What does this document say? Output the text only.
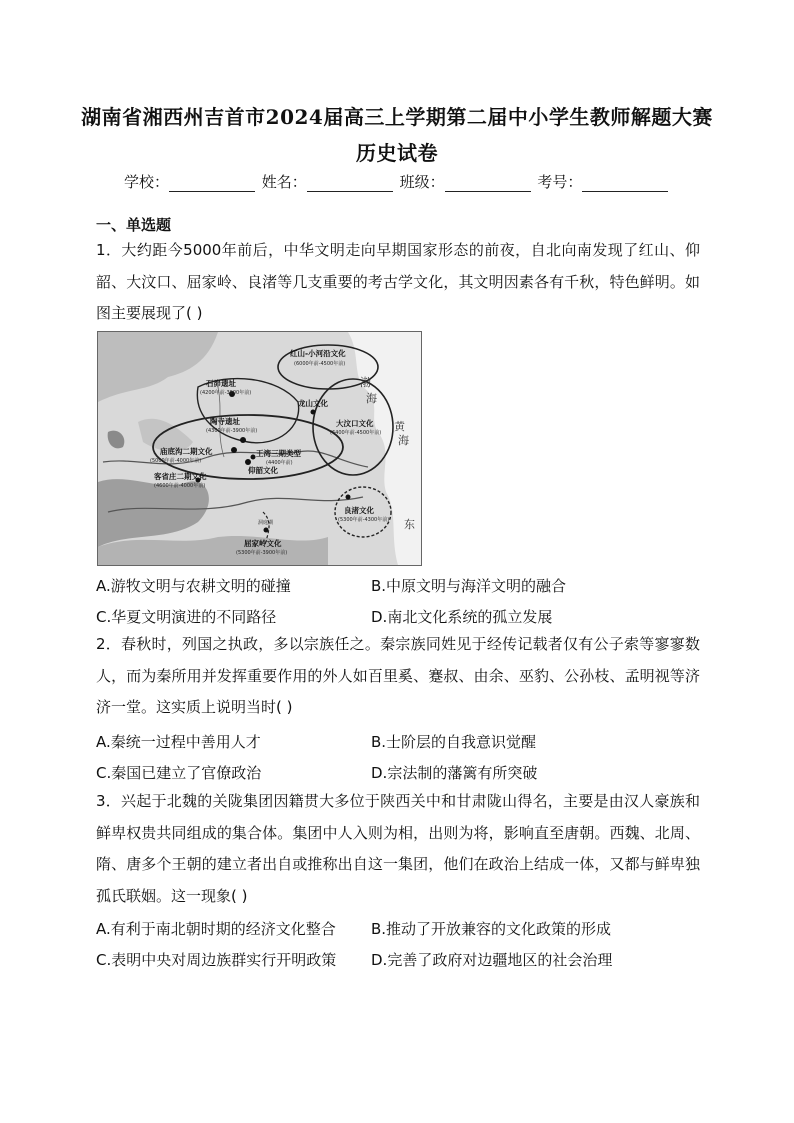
湖南省湘西州吉首市2024届高三上学期第二届中小学生教师解题大赛
历史试卷
学校：	姓名：	班级：	考号：
一、单选题
1．大约距今5000年前后，中华文明走向早期国家形态的前夜，自北向南发现了红山、仰韶、大汶口、屈家岭、良渚等几支重要的考古学文化，其文明因素各有千秋，特色鲜明。如图主要展现了( )
红山-小河沿文化
(6000年前-4500年前)
石峁遗址
(4200年前-3900年前)
龙山文化
陶寺遗址
(4300年前-3900年前)
大汶口文化
(6400年前-4500年前)
庙底沟二期文化
(5000年前-4000年前)
王湾三期类型
(4400年前)
仰韶文化
客省庄二期文化
(4600年前-4000年前)
良渚文化
(5300年前-4300年前)
屈家岭文化
(5300年前-3900年前)
渤
海
黄
海
东
洞庭湖
A.游牧文明与农耕文明的碰撞	B.中原文明与海洋文明的融合
C.华夏文明演进的不同路径	D.南北文化系统的孤立发展
2．春秋时，列国之执政，多以宗族任之。秦宗族同姓见于经传记载者仅有公子索等寥寥数人，而为秦所用并发挥重要作用的外人如百里奚、蹇叔、由余、巫豹、公孙枝、孟明视等济济一堂。这实质上说明当时( )
A.秦统一过程中善用人才	B.士阶层的自我意识觉醒
C.秦国已建立了官僚政治	D.宗法制的藩篱有所突破
3．兴起于北魏的关陇集团因籍贯大多位于陕西关中和甘肃陇山得名，主要是由汉人豪族和鲜卑权贵共同组成的集合体。集团中人入则为相，出则为将，影响直至唐朝。西魏、北周、隋、唐多个王朝的建立者出自或推称出自这一集团，他们在政治上结成一体，又都与鲜卑独孤氏联姻。这一现象( )
A.有利于南北朝时期的经济文化整合 B.推动了开放兼容的文化政策的形成
C.表明中央对周边族群实行开明政策 D.完善了政府对边疆地区的社会治理
